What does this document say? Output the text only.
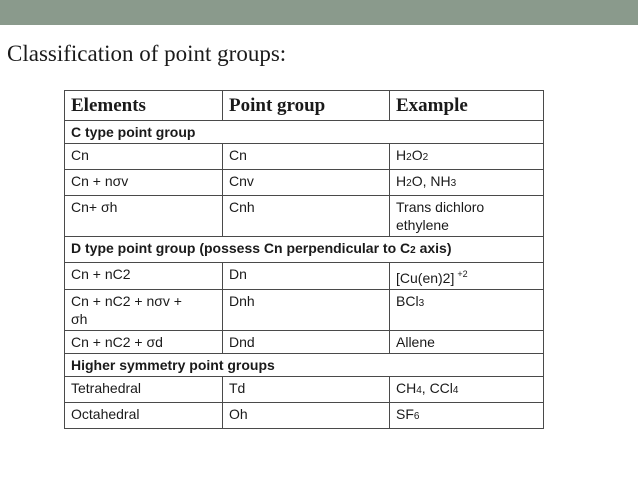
Classification of point groups:
Elements	Point group	Example
C type point group		
Cn	Cn	H2O2
Cn + nσv	Cnv	H2O, NH3
Cn+ σh	Cnh	Trans dichloro
ethylene

D type point group (possess Cn perpendicular to C2 axis)		
Cn + nC2	Dn	[Cu(en)2] $^{+2}$

Cn + nC2 + nσv +
σh	Dnh	BCl3
Cn + nC2 + σd	Dnd	Allene
Higher symmetry point groups		
Tetrahedral	Td	CH4, CCl4
Octahedral	Oh	SF6
